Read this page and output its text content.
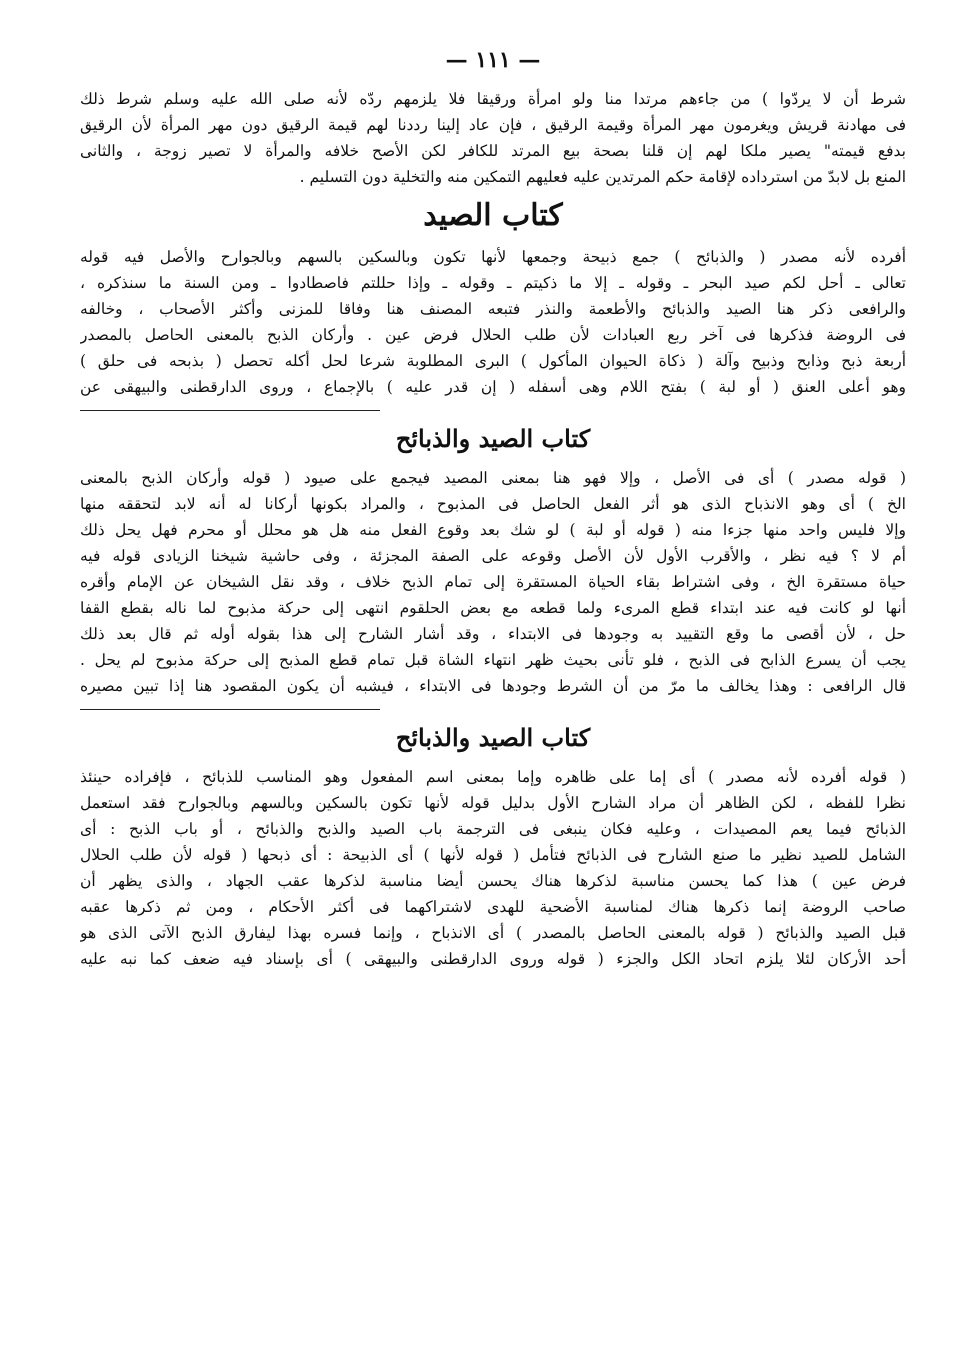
— ١١١ —

شرط أن لا يردّوا ) من جاءهم مرتدا منا ولو امرأة ورقيقا فلا يلزمهم ردّه لأنه صلى الله عليه وسلم شرط ذلك
فى مهادنة قريش ويغرمون مهر المرأة وقيمة الرقيق ، فإن عاد إلينا رددنا لهم قيمة الرقيق دون مهر المرأة لأن الرقيق
بدفع قيمته" يصير ملكا لهم إن قلنا بصحة بيع المرتد للكافر لكن الأصح خلافه والمرأة لا تصير زوجة ، والثانى
المنع بل لابدّ من استرداده لإقامة حكم المرتدين عليه فعليهم التمكين منه والتخلية دون التسليم .

كتاب الصيد

أفرده لأنه مصدر ( والذبائح ) جمع ذبيحة وجمعها لأنها تكون وبالسكين بالسهم وبالجوارح والأصل فيه قوله
تعالى ـ أحل لكم صيد البحر ـ وقوله ـ إلا ما ذكيتم ـ وقوله ـ وإذا حللتم فاصطادوا ـ ومن السنة ما سنذكره ،
والرافعى ذكر هنا الصيد والذبائح والأطعمة والنذر فتبعه المصنف هنا وفاقا للمزنى وأكثر الأصحاب ، وخالفه
فى الروضة فذكرها فى آخر ربع العبادات لأن طلب الحلال فرض عين . وأركان الذبح بالمعنى الحاصل بالمصدر
أربعة ذبح وذابح وذبيح وآلة ( ذكاة الحيوان المأكول ) البرى المطلوبة شرعا لحل أكله تحصل ( بذبحه فى حلق )
وهو أعلى العنق ( أو لبة ) بفتح اللام وهى أسفله ( إن قدر عليه ) بالإجماع ، وروى الدارقطنى والبيهقى عن

كتاب الصيد والذبائح

( قوله مصدر ) أى فى الأصل ، وإلا فهو هنا بمعنى المصيد فيجمع على صيود ( قوله وأركان الذبح بالمعنى
الخ ) أى وهو الانذباح الذى هو أثر الفعل الحاصل فى المذبوح ، والمراد بكونها أركانا له أنه لابد لتحققه منها
وإلا فليس واحد منها جزءا منه ( قوله أو لبة ) لو شك بعد وقوع الفعل منه هل هو محلل أو محرم فهل يحل ذلك
أم لا ؟ فيه نظر ، والأقرب الأول لأن الأصل وقوعه على الصفة المجزئة ، وفى حاشية شيخنا الزيادى قوله فيه
حياة مستقرة الخ ، وفى اشتراط بقاء الحياة المستقرة إلى تمام الذبح خلاف ، وقد نقل الشيخان عن الإمام وأقره
أنها لو كانت فيه عند ابتداء قطع المرىء ولما قطعه مع بعض الحلقوم انتهى إلى حركة مذبوح لما ناله بقطع القفا
حل ، لأن أقصى ما وقع التقييد به وجودها فى الابتداء ، وقد أشار الشارح إلى هذا بقوله أوله ثم قال بعد ذلك
يجب أن يسرع الذابح فى الذبح ، فلو تأنى بحيث ظهر انتهاء الشاة قبل تمام قطع المذبح إلى حركة مذبوح لم يحل .
قال الرافعى : وهذا يخالف ما مرّ من أن الشرط وجودها فى الابتداء ، فيشبه أن يكون المقصود هنا إذا تبين مصيره

كتاب الصيد والذبائح

( قوله أفرده لأنه مصدر ) أى إما على ظاهره وإما بمعنى اسم المفعول وهو المناسب للذبائح ، فإفراده حينئذ
نظرا للفظه ، لكن الظاهر أن مراد الشارح الأول بدليل قوله لأنها تكون بالسكين وبالسهم وبالجوارح فقد استعمل
الذبائح فيما يعم المصيدات ، وعليه فكان ينبغى فى الترجمة باب الصيد والذبح والذبائح ، أو باب الذبح : أى
الشامل للصيد نظير ما صنع الشارح فى الذبائح فتأمل ( قوله لأنها ) أى الذبيحة : أى ذبحها ( قوله لأن طلب الحلال
فرض عين ) هذا كما يحسن مناسبة لذكرها هناك يحسن أيضا مناسبة لذكرها عقب الجهاد ، والذى يظهر أن
صاحب الروضة إنما ذكرها هناك لمناسبة الأضحية للهدى لاشتراكهما فى أكثر الأحكام ، ومن ثم ذكرها عقبه
قبل الصيد والذبائح ( قوله بالمعنى الحاصل بالمصدر ) أى الانذباح ، وإنما فسره بهذا ليفارق الذبح الآتى الذى هو
أحد الأركان لئلا يلزم اتحاد الكل والجزء ( قوله وروى الدارقطنى والبيهقى ) أى بإسناد فيه ضعف كما نبه عليه
